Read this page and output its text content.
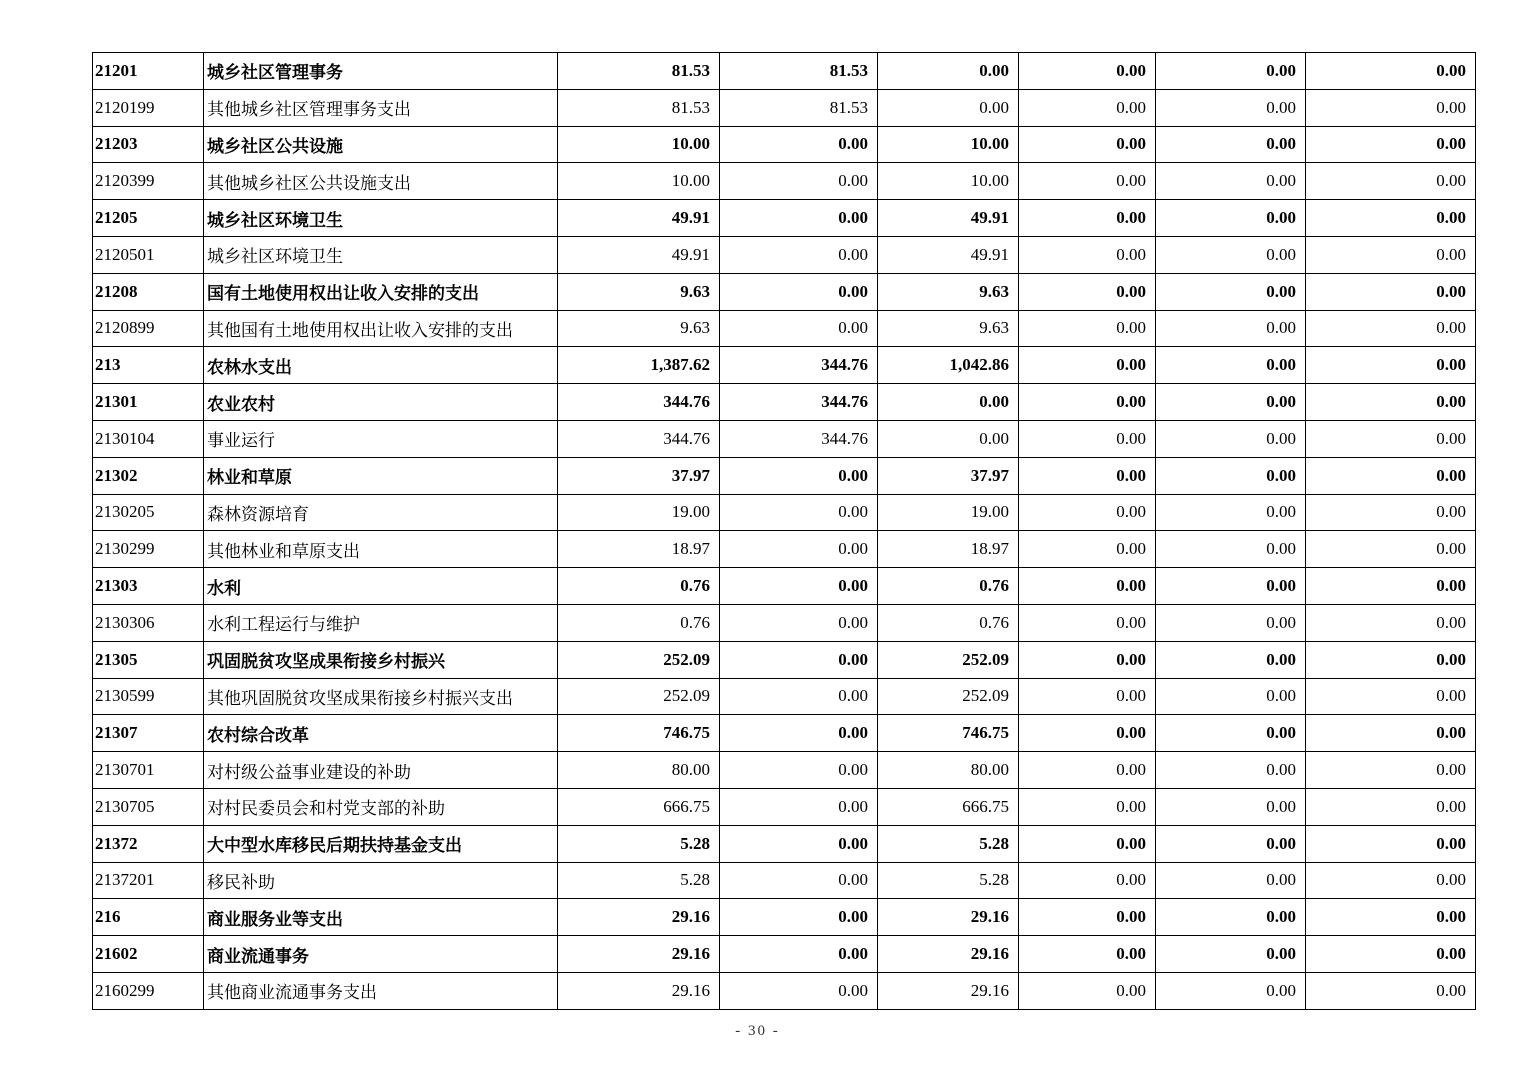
21201	城乡社区管理事务	81.53	81.53	0.00	0.00	0.00	0.00
2120199	其他城乡社区管理事务支出	81.53	81.53	0.00	0.00	0.00	0.00
21203	城乡社区公共设施	10.00	0.00	10.00	0.00	0.00	0.00
2120399	其他城乡社区公共设施支出	10.00	0.00	10.00	0.00	0.00	0.00
21205	城乡社区环境卫生	49.91	0.00	49.91	0.00	0.00	0.00
2120501	城乡社区环境卫生	49.91	0.00	49.91	0.00	0.00	0.00
21208	国有土地使用权出让收入安排的支出	9.63	0.00	9.63	0.00	0.00	0.00
2120899	其他国有土地使用权出让收入安排的支出	9.63	0.00	9.63	0.00	0.00	0.00
213	农林水支出	1,387.62	344.76	1,042.86	0.00	0.00	0.00
21301	农业农村	344.76	344.76	0.00	0.00	0.00	0.00
2130104	事业运行	344.76	344.76	0.00	0.00	0.00	0.00
21302	林业和草原	37.97	0.00	37.97	0.00	0.00	0.00
2130205	森林资源培育	19.00	0.00	19.00	0.00	0.00	0.00
2130299	其他林业和草原支出	18.97	0.00	18.97	0.00	0.00	0.00
21303	水利	0.76	0.00	0.76	0.00	0.00	0.00
2130306	水利工程运行与维护	0.76	0.00	0.76	0.00	0.00	0.00
21305	巩固脱贫攻坚成果衔接乡村振兴	252.09	0.00	252.09	0.00	0.00	0.00
2130599	其他巩固脱贫攻坚成果衔接乡村振兴支出	252.09	0.00	252.09	0.00	0.00	0.00
21307	农村综合改革	746.75	0.00	746.75	0.00	0.00	0.00
2130701	对村级公益事业建设的补助	80.00	0.00	80.00	0.00	0.00	0.00
2130705	对村民委员会和村党支部的补助	666.75	0.00	666.75	0.00	0.00	0.00
21372	大中型水库移民后期扶持基金支出	5.28	0.00	5.28	0.00	0.00	0.00
2137201	移民补助	5.28	0.00	5.28	0.00	0.00	0.00
216	商业服务业等支出	29.16	0.00	29.16	0.00	0.00	0.00
21602	商业流通事务	29.16	0.00	29.16	0.00	0.00	0.00
2160299	其他商业流通事务支出	29.16	0.00	29.16	0.00	0.00	0.00
- 30 -
